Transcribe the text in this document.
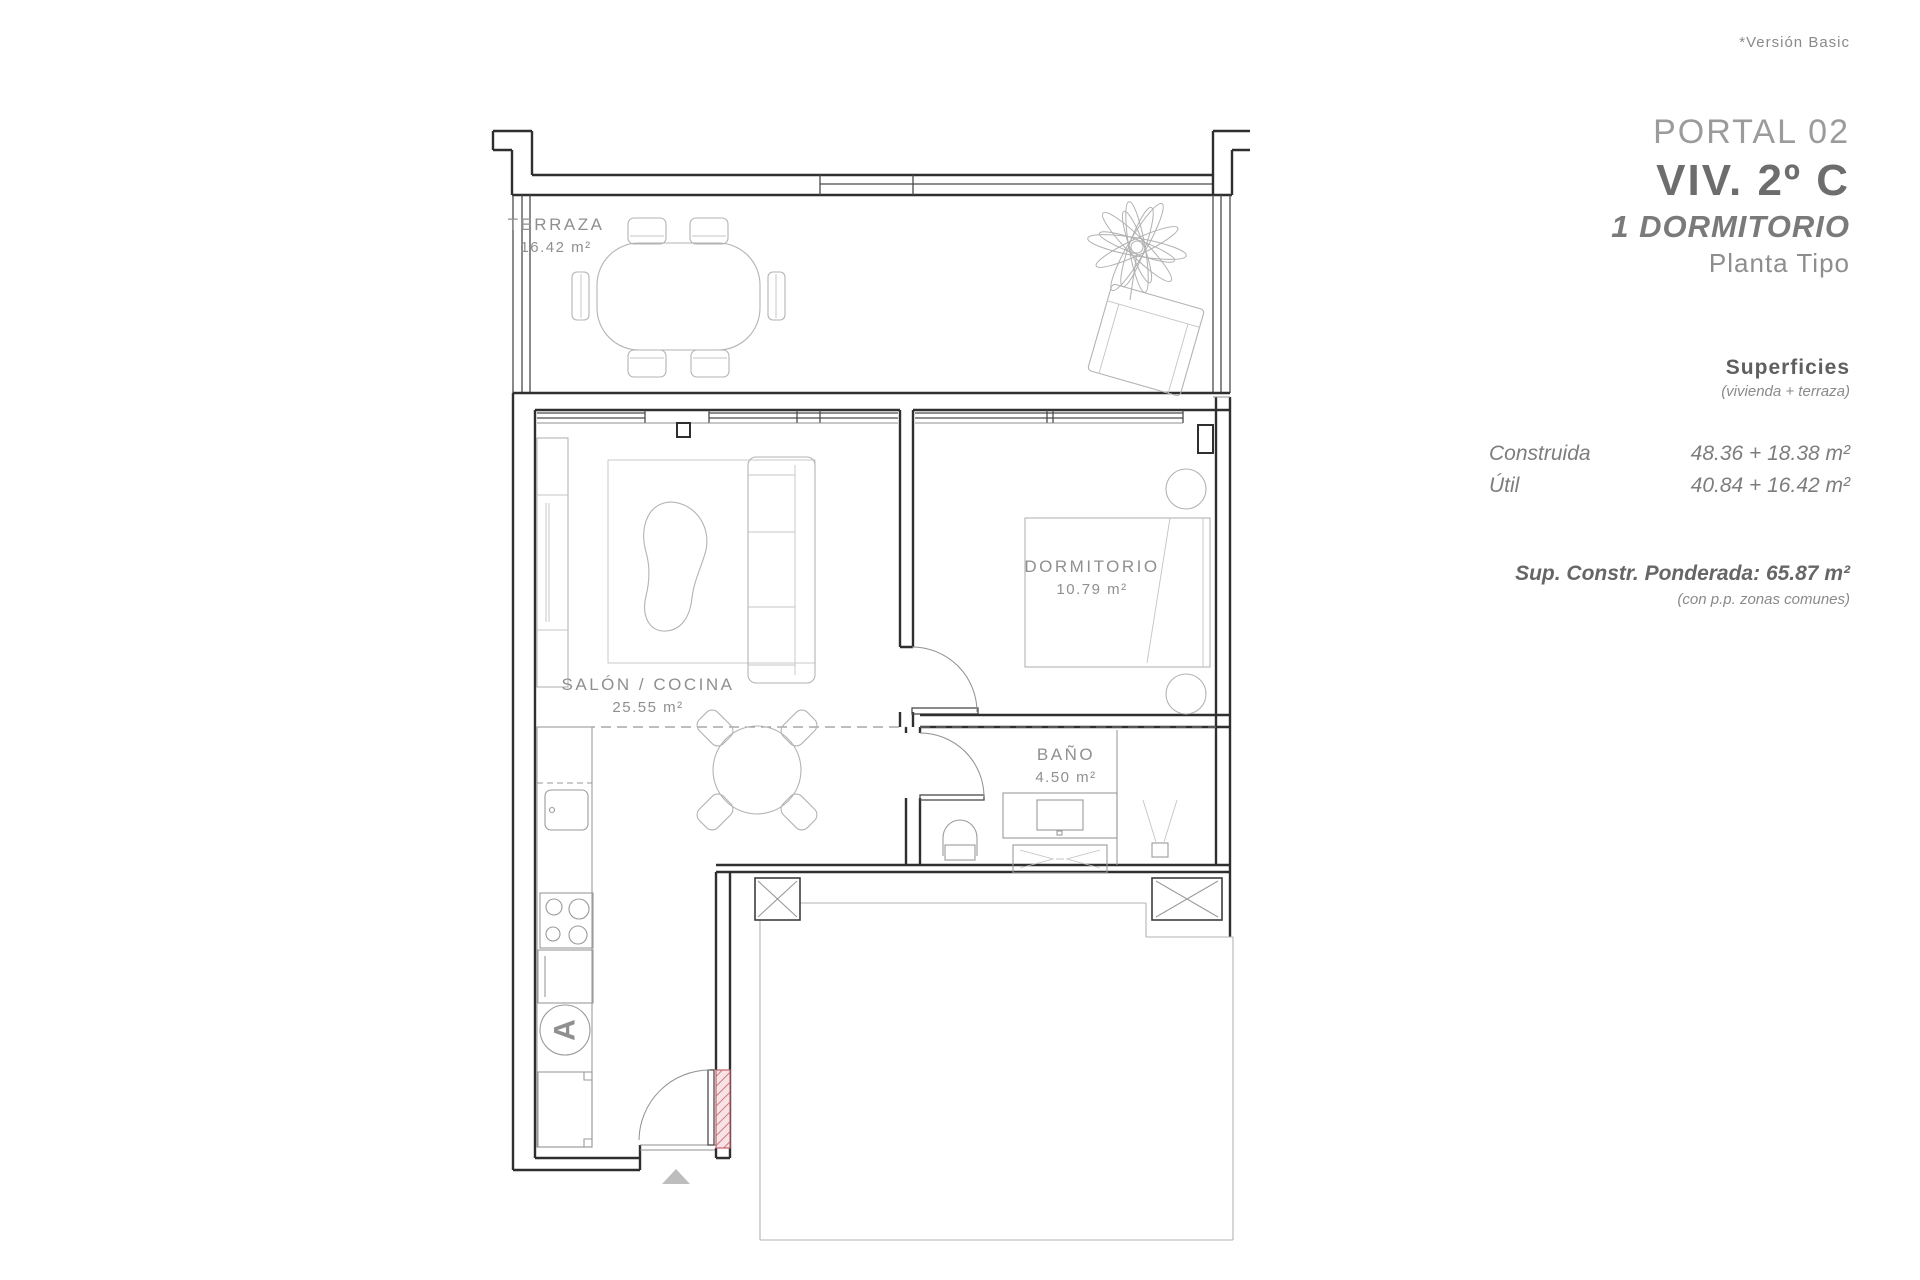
A
TERRAZA
16.42 m²
SALÓN / COCINA
25.55 m²
DORMITORIO
10.79 m²
BAÑO
4.50 m²
*Versión Basic
PORTAL 02
VIV. 2º C
1 DORMITORIO
Planta Tipo
Superficies
(vivienda + terraza)
Construida	48.36 + 18.38 m²
Útil	40.84 + 16.42 m²
Sup. Constr. Ponderada: 65.87 m²
(con p.p. zonas comunes)
